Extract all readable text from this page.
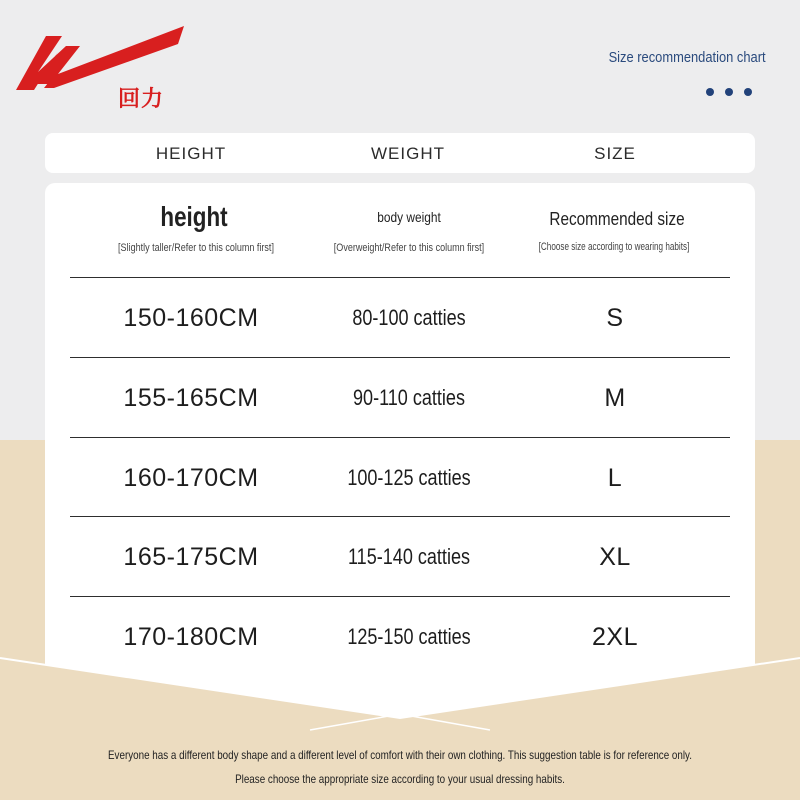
回力
Size recommendation chart
HEIGHT	WEIGHT	SIZE
height	body weight	Recommended size
[Slightly taller/Refer to this column first]	[Overweight/Refer to this column first]	[Choose size according to wearing habits]
150-160CM	80-100 catties	S
155-165CM	90-110 catties	M
160-170CM	100-125 catties	L
165-175CM	115-140 catties	XL
170-180CM	125-150 catties	2XL
Everyone has a different body shape and a different level of comfort with their own clothing. This suggestion table is for reference only.
Please choose the appropriate size according to your usual dressing habits.
